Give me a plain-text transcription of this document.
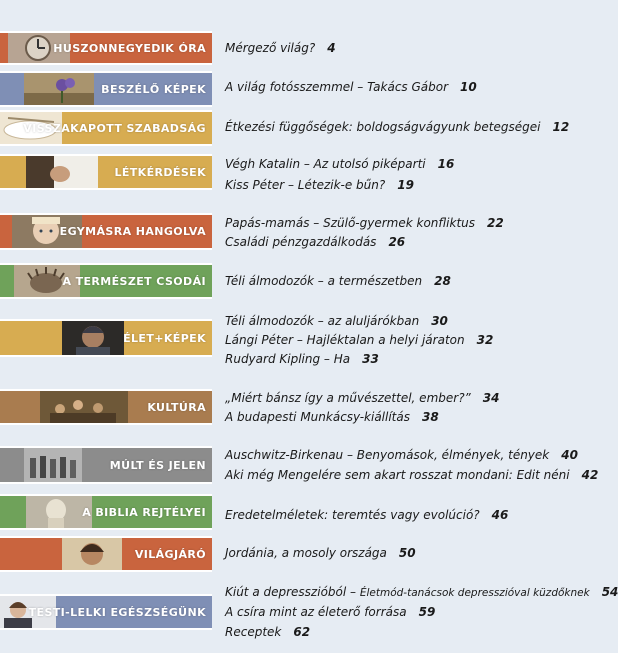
HUSZONNEGYEDIK ÓRA
BESZÉLŐ KÉPEK
VISSZAKAPOTT SZABADSÁG
LÉTKÉRDÉSEK
EGYMÁSRA HANGOLVA
A TERMÉSZET CSODÁI
ÉLET+KÉPEK
KULTÚRA
MÚLT ÉS JELEN
A BIBLIA REJTÉLYEI
VILÁGJÁRÓ
TESTI-LELKI EGÉSZSÉGÜNK
Mérgező világ? 4
A világ fotósszemmel – Takács Gábor 10
Étkezési függőségek: boldogságvágyunk betegségei 12
Végh Katalin – Az utolsó piképarti 16
Kiss Péter – Létezik-e bűn? 19
Papás-mamás – Szülő-gyermek konfliktus 22
Családi pénzgazdálkodás 26
Téli álmodozók – a természetben 28
Téli álmodozók – az aluljárókban 30
Lángi Péter – Hajléktalan a helyi járaton 32
Rudyard Kipling – Ha 33
„Miért bánsz így a művészettel, ember?” 34
A budapesti Munkácsy-kiállítás 38
Auschwitz-Birkenau – Benyomások, élmények, tények 40
Aki még Mengelére sem akart rosszat mondani: Edit néni 42
Eredetelméletek: teremtés vagy evolúció? 46
Jordánia, a mosoly országa 50
Kiút a depresszióból – Életmód-tanácsok depresszióval küzdőknek 54
A csíra mint az életerő forrása 59
Receptek 62
